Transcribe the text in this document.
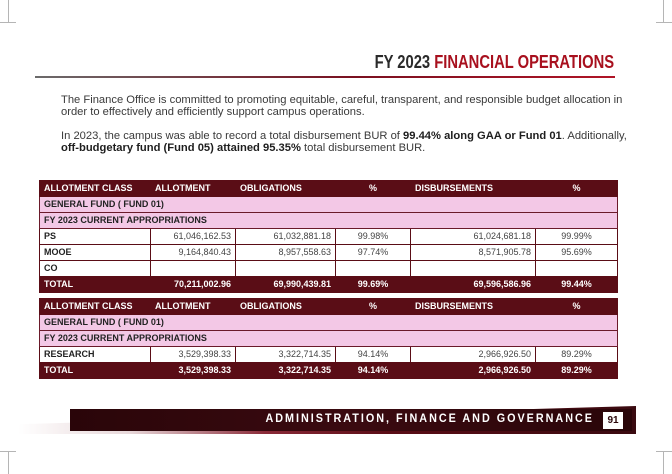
FY 2023 FINANCIAL OPERATIONS
The Finance Office is committed to promoting equitable, careful, transparent, and responsible budget allocation in order to effectively and efficiently support campus operations.
In 2023, the campus was able to record a total disbursement BUR of 99.44% along GAA or Fund 01. Additionally, off-budgetary fund (Fund 05) attained 95.35% total disbursement BUR.
ALLOTMENT CLASS	ALLOTMENT	OBLIGATIONS	%	DISBURSEMENTS	%
GENERAL FUND ( FUND 01)					
FY 2023 CURRENT APPROPRIATIONS					
PS	61,046,162.53	61,032,881.18	99.98%	61,024,681.18	99.99%
MOOE	9,164,840.43	8,957,558.63	97.74%	8,571,905.78	95.69%
CO					
TOTAL	70,211,002.96	69,990,439.81	99.69%	69,596,586.96	99.44%
ALLOTMENT CLASS	ALLOTMENT	OBLIGATIONS	%	DISBURSEMENTS	%
GENERAL FUND ( FUND 01)					
FY 2023 CURRENT APPROPRIATIONS					
RESEARCH	3,529,398.33	3,322,714.35	94.14%	2,966,926.50	89.29%
TOTAL	3,529,398.33	3,322,714.35	94.14%	2,966,926.50	89.29%
ADMINISTRATION, FINANCE AND GOVERNANCE	91
